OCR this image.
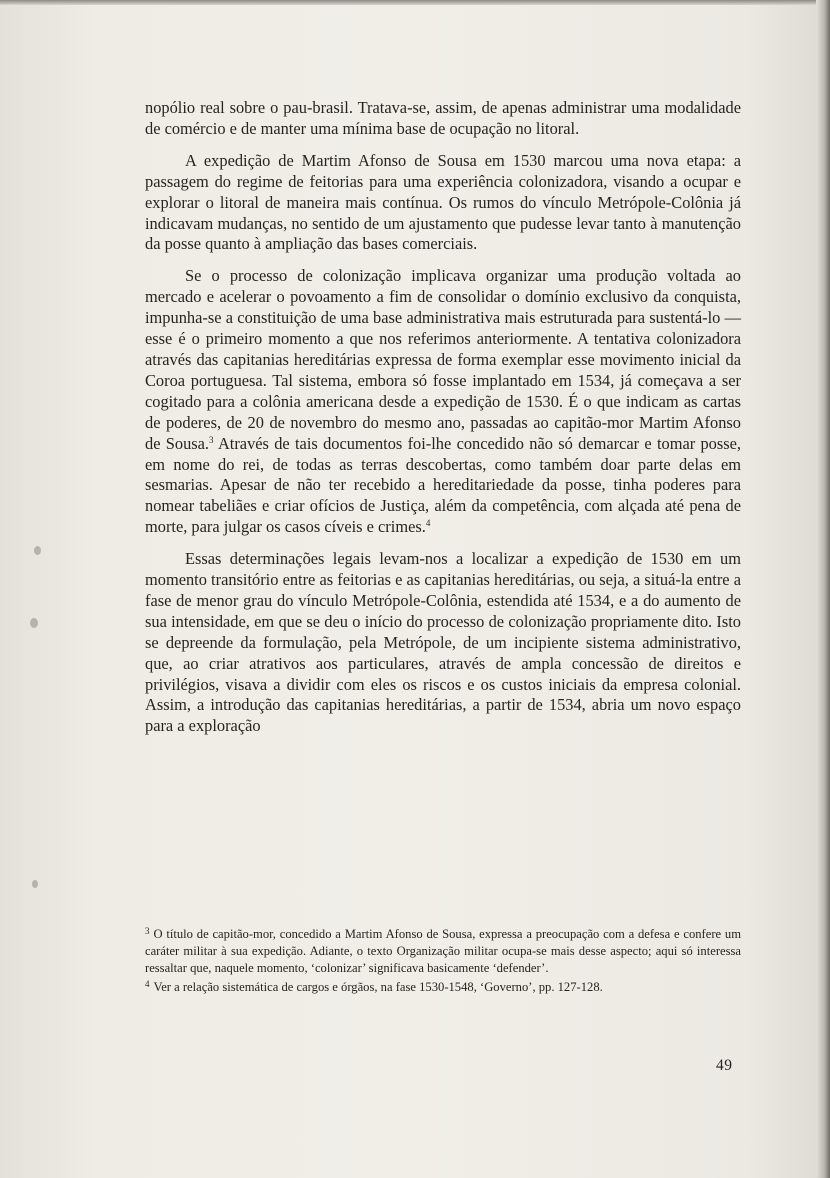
nopólio real sobre o pau-brasil. Tratava-se, assim, de apenas administrar uma modalidade de comércio e de manter uma mínima base de ocupação no litoral.

A expedição de Martim Afonso de Sousa em 1530 marcou uma nova etapa: a passagem do regime de feitorias para uma experiência colonizadora, visando a ocupar e explorar o litoral de maneira mais contínua. Os rumos do vínculo Metrópole-Colônia já indicavam mudanças, no sentido de um ajustamento que pudesse levar tanto à manutenção da posse quanto à ampliação das bases comerciais.

Se o processo de colonização implicava organizar uma produção voltada ao mercado e acelerar o povoamento a fim de consolidar o domínio exclusivo da conquista, impunha-se a constituição de uma base administrativa mais estruturada para sustentá-lo — esse é o primeiro momento a que nos referimos anteriormente. A tentativa colonizadora através das capitanias hereditárias expressa de forma exemplar esse movimento inicial da Coroa portuguesa. Tal sistema, embora só fosse implantado em 1534, já começava a ser cogitado para a colônia americana desde a expedição de 1530. É o que indicam as cartas de poderes, de 20 de novembro do mesmo ano, passadas ao capitão-mor Martim Afonso de Sousa.$^3$ Através de tais documentos foi-lhe concedido não só demarcar e tomar posse, em nome do rei, de todas as terras descobertas, como também doar parte delas em sesmarias. Apesar de não ter recebido a hereditariedade da posse, tinha poderes para nomear tabeliães e criar ofícios de Justiça, além da competência, com alçada até pena de morte, para julgar os casos cíveis e crimes.$^4$

Essas determinações legais levam-nos a localizar a expedição de 1530 em um momento transitório entre as feitorias e as capitanias hereditárias, ou seja, a situá-la entre a fase de menor grau do vínculo Metrópole-Colônia, estendida até 1534, e a do aumento de sua intensidade, em que se deu o início do processo de colonização propriamente dito. Isto se depreende da formulação, pela Metrópole, de um incipiente sistema administrativo, que, ao criar atrativos aos particulares, através de ampla concessão de direitos e privilégios, visava a dividir com eles os riscos e os custos iniciais da empresa colonial. Assim, a introdução das capitanias hereditárias, a partir de 1534, abria um novo espaço para a exploração

$^3$ O título de capitão-mor, concedido a Martim Afonso de Sousa, expressa a preocupação com a defesa e confere um caráter militar à sua expedição. Adiante, o texto Organização militar ocupa-se mais desse aspecto; aqui só interessa ressaltar que, naquele momento, ‘colonizar’ significava basicamente ‘defender’.

$^4$ Ver a relação sistemática de cargos e órgãos, na fase 1530-1548, ‘Governo’, pp. 127-128.

49
